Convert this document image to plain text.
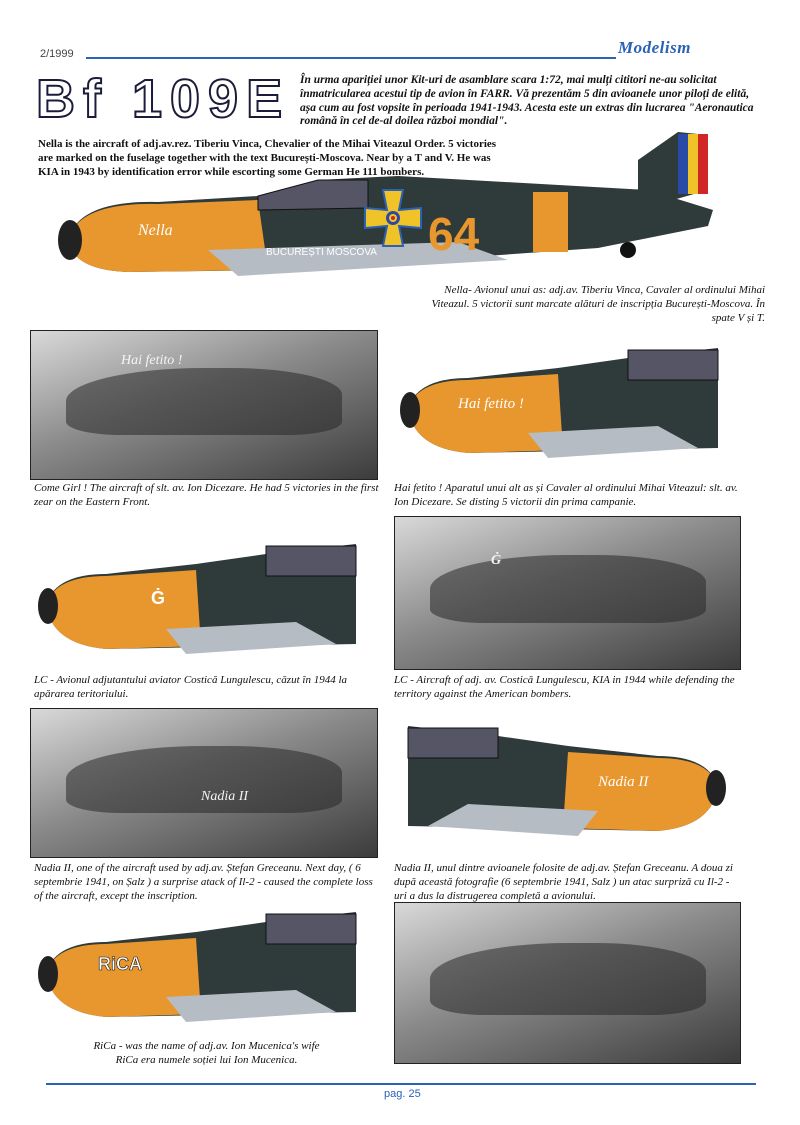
2/1999	Modelism
Bf 109E În urma apariției unor Kit-uri de asamblare scara 1:72, mai mulți cititori ne-au solicitat înmatricularea acestui tip de avion în FARR. Vă prezentăm 5 din avioanele unor piloți de elită, așa cum au fost vopsite în perioada 1941-1943. Acesta este un extras din lucrarea "Aeronautica română în cel de-al doilea război mondial".
Nella is the aircraft of adj.av.rez. Tiberiu Vinca, Chevalier of the Mihai Viteazul Order. 5 victories are marked on the fuselage together with the text București-Moscova. Near by a T and V. He was KIA in 1943 by identification error while escorting some German He 111 bombers.
Nella	64
BUCUREȘTI MOSCOVA
Nella- Avionul unui as: adj.av. Tiberiu Vinca, Cavaler al ordinului Mihai Viteazul. 5 victorii sunt marcate alături de inscripția București-Moscova. În spate V și T.
Hai fetito !
Hai fetito !
Come Girl ! The aircraft of slt. av. Ion Dicezare. He had 5 victories in the first zear on the Eastern Front.
Hai fetito ! Aparatul unui alt as și Cavaler al ordinului Mihai Viteazul: slt. av. Ion Dicezare. Se disting 5 victorii din prima campanie.
Ġ
Ġ
LC - Avionul adjutantului aviator Costică Lungulescu, căzut în 1944 la apărarea teritoriului.
LC - Aircraft of adj. av. Costică Lungulescu, KIA in 1944 while defending the territory against the American bombers.
Nadia II
Nadia II
Nadia II, one of the aircraft used by adj.av. Ștefan Greceanu. Next day, ( 6 septembrie 1941, on Șalz ) a surprise atack of Il-2 - caused the complete loss of the aircraft, except the inscription.
Nadia II, unul dintre avioanele folosite de adj.av. Ștefan Greceanu. A doua zi după această fotografie (6 septembrie 1941, Salz ) un atac surpriză cu Il-2 - uri a dus la distrugerea completă a avionului.
RiCA
RiCa - was the name of adj.av. Ion Mucenica's wife
RiCa era numele soției lui Ion Mucenica.
pag. 25
